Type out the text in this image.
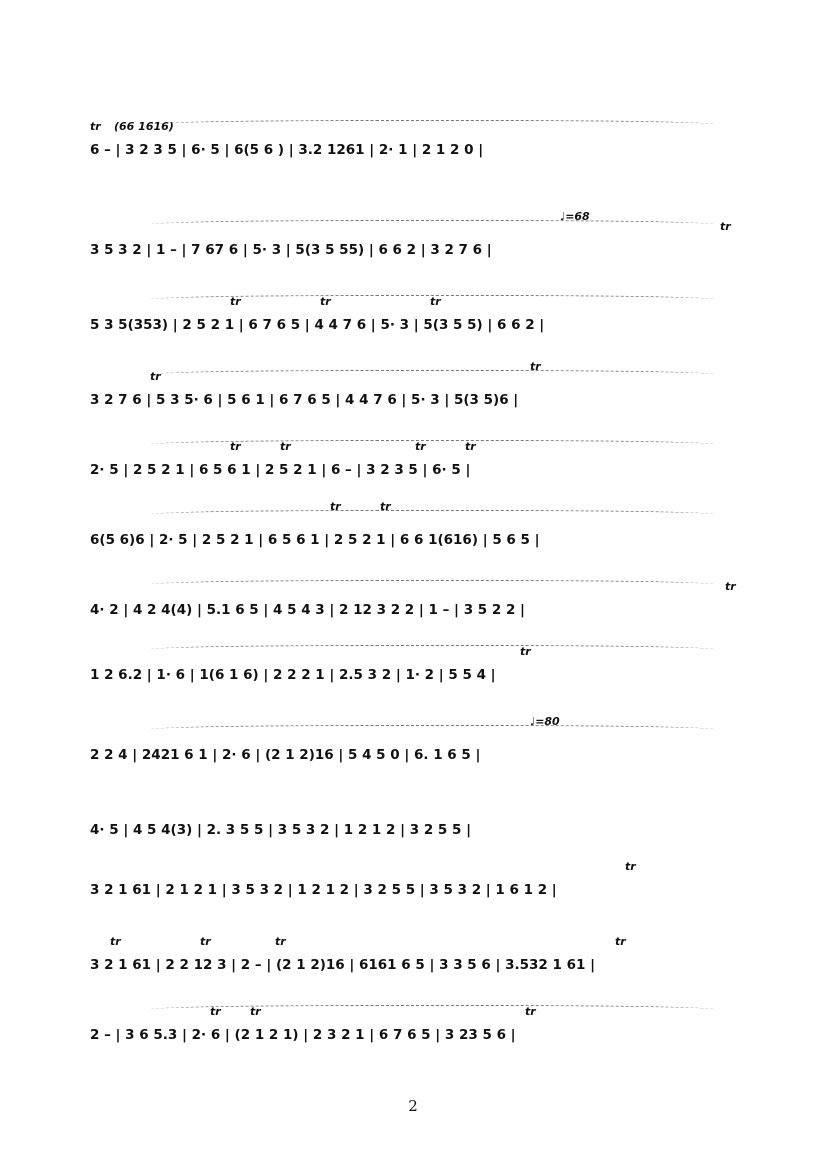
tr (66 1616)
6 – | 3 2 3 5 | 6· 5 | 6(5 6 ) | 3.2 1261 | 2· 1 | 2 1 2 0 |
♩=68
tr
3 5 3 2 | 1 – | 7 67 6 | 5· 3 | 5(3 5 55) | 6 6 2 | 3 2 7 6 |
tr	tr	tr
5 3 5(353) | 2 5 2 1 | 6 7 6 5 | 4 4 7 6 | 5· 3 | 5(3 5 5) | 6 6 2 |
tr
tr
3 2 7 6 | 5 3 5· 6 | 5 6 1 | 6 7 6 5 | 4 4 7 6 | 5· 3 | 5(3 5)6 |
tr	tr	tr	tr
2· 5 | 2 5 2 1 | 6 5 6 1 | 2 5 2 1 | 6 – | 3 2 3 5 | 6· 5 |
tr	tr
6(5 6)6 | 2· 5 | 2 5 2 1 | 6 5 6 1 | 2 5 2 1 | 6 6 1(616) | 5 6 5 |
tr
4· 2 | 4 2 4(4) | 5.1 6 5 | 4 5 4 3 | 2 12 3 2 2 | 1 – | 3 5 2 2 |
tr
1 2 6.2 | 1· 6 | 1(6 1 6) | 2 2 2 1 | 2.5 3 2 | 1· 2 | 5 5 4 |
♩=80
2 2 4 | 2421 6 1 | 2· 6 | (2 1 2)16 | 5 4 5 0 | 6. 1 6 5 |
4· 5 | 4 5 4(3) | 2. 3 5 5 | 3 5 3 2 | 1 2 1 2 | 3 2 5 5 |
tr
3 2 1 61 | 2 1 2 1 | 3 5 3 2 | 1 2 1 2 | 3 2 5 5 | 3 5 3 2 | 1 6 1 2 |
tr	tr	tr	tr
3 2 1 61 | 2 2 12 3 | 2 – | (2 1 2)16 | 6161 6 5 | 3 3 5 6 | 3.532 1 61 |
tr	tr	tr
2 – | 3 6 5.3 | 2· 6 | (2 1 2 1) | 2 3 2 1 | 6 7 6 5 | 3 23 5 6 |
2
